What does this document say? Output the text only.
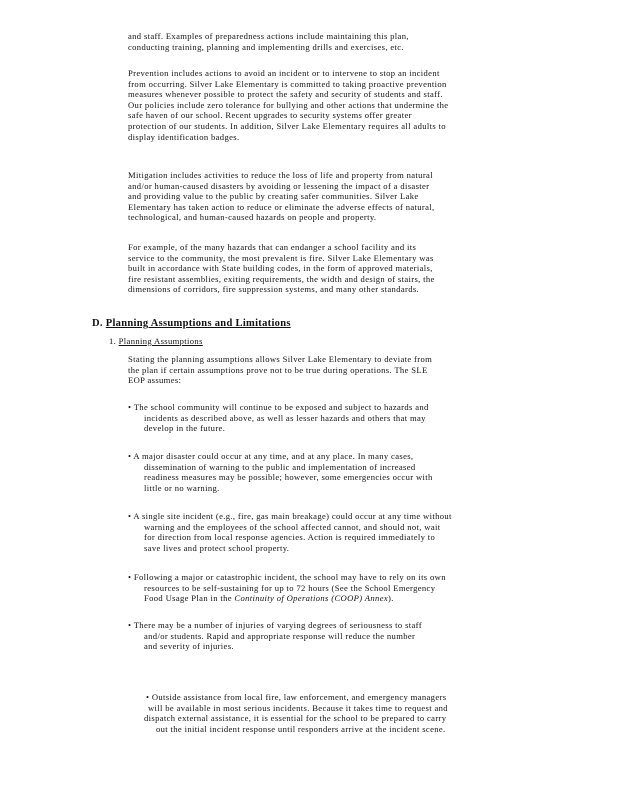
and staff. Examples of preparedness actions include maintaining this plan,

conducting training, planning and implementing drills and exercises, etc.

Prevention includes actions to avoid an incident or to intervene to stop an incident

from occurring. Silver Lake Elementary is committed to taking proactive prevention

measures whenever possible to protect the safety and security of students and staff.

Our policies include zero tolerance for bullying and other actions that undermine the

safe haven of our school. Recent upgrades to security systems offer greater

protection of our students. In addition, Silver Lake Elementary requires all adults to

display identification badges.

Mitigation includes activities to reduce the loss of life and property from natural

and/or human-caused disasters by avoiding or lessening the impact of a disaster

and providing value to the public by creating safer communities. Silver Lake

Elementary has taken action to reduce or eliminate the adverse effects of natural,

technological, and human-caused hazards on people and property.

For example, of the many hazards that can endanger a school facility and its

service to the community, the most prevalent is fire. Silver Lake Elementary was

built in accordance with State building codes, in the form of approved materials,

fire resistant assemblies, exiting requirements, the width and design of stairs, the

dimensions of corridors, fire suppression systems, and many other standards.

D. Planning Assumptions and Limitations
1. Planning Assumptions

Stating the planning assumptions allows Silver Lake Elementary to deviate from

the plan if certain assumptions prove not to be true during operations. The SLE

EOP assumes:

• The school community will continue to be exposed and subject to hazards and
incidents as described above, as well as lesser hazards and others that may
develop in the future.
• A major disaster could occur at any time, and at any place. In many cases,
dissemination of warning to the public and implementation of increased
readiness measures may be possible; however, some emergencies occur with
little or no warning.
• A single site incident (e.g., fire, gas main breakage) could occur at any time without
warning and the employees of the school affected cannot, and should not, wait
for direction from local response agencies. Action is required immediately to
save lives and protect school property.
• Following a major or catastrophic incident, the school may have to rely on its own
resources to be self-sustaining for up to 72 hours (See the School Emergency
Food Usage Plan in the Continuity of Operations (COOP) Annex).
• There may be a number of injuries of varying degrees of seriousness to staff
and/or students. Rapid and appropriate response will reduce the number
and severity of injuries.
• Outside assistance from local fire, law enforcement, and emergency managers
will be available in most serious incidents. Because it takes time to request and
dispatch external assistance, it is essential for the school to be prepared to carry
out the initial incident response until responders arrive at the incident scene.
